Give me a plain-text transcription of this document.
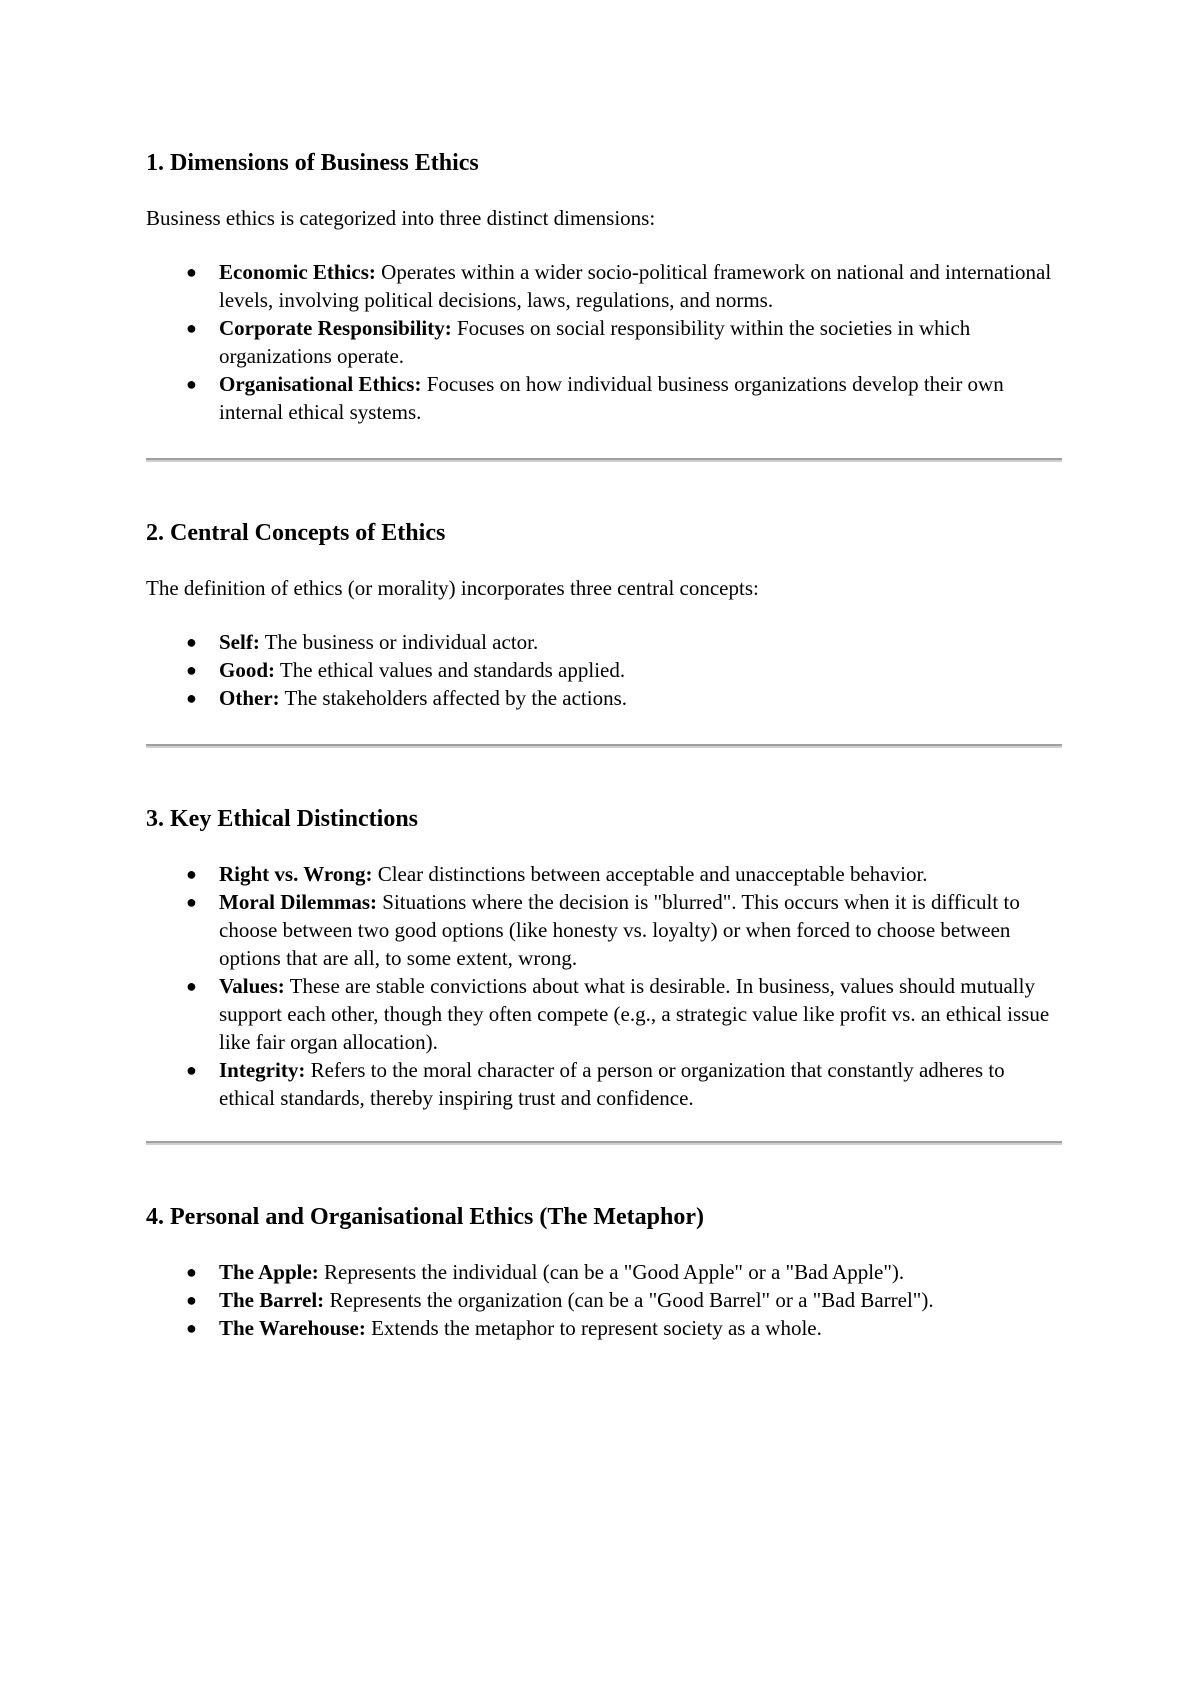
1. Dimensions of Business Ethics

Business ethics is categorized into three distinct dimensions:

● Economic Ethics: Operates within a wider socio-political framework on national and international levels, involving political decisions, laws, regulations, and norms.
● Corporate Responsibility: Focuses on social responsibility within the societies in which organizations operate.
● Organisational Ethics: Focuses on how individual business organizations develop their own internal ethical systems.
2. Central Concepts of Ethics

The definition of ethics (or morality) incorporates three central concepts:

● Self: The business or individual actor.
● Good: The ethical values and standards applied.
● Other: The stakeholders affected by the actions.
3. Key Ethical Distinctions
● Right vs. Wrong: Clear distinctions between acceptable and unacceptable behavior.
● Moral Dilemmas: Situations where the decision is "blurred". This occurs when it is difficult to choose between two good options (like honesty vs. loyalty) or when forced to choose between options that are all, to some extent, wrong.
● Values: These are stable convictions about what is desirable. In business, values should mutually support each other, though they often compete (e.g., a strategic value like profit vs. an ethical issue like fair organ allocation).
● Integrity: Refers to the moral character of a person or organization that constantly adheres to ethical standards, thereby inspiring trust and confidence.
4. Personal and Organisational Ethics (The Metaphor)
● The Apple: Represents the individual (can be a "Good Apple" or a "Bad Apple").
● The Barrel: Represents the organization (can be a "Good Barrel" or a "Bad Barrel").
● The Warehouse: Extends the metaphor to represent society as a whole.
